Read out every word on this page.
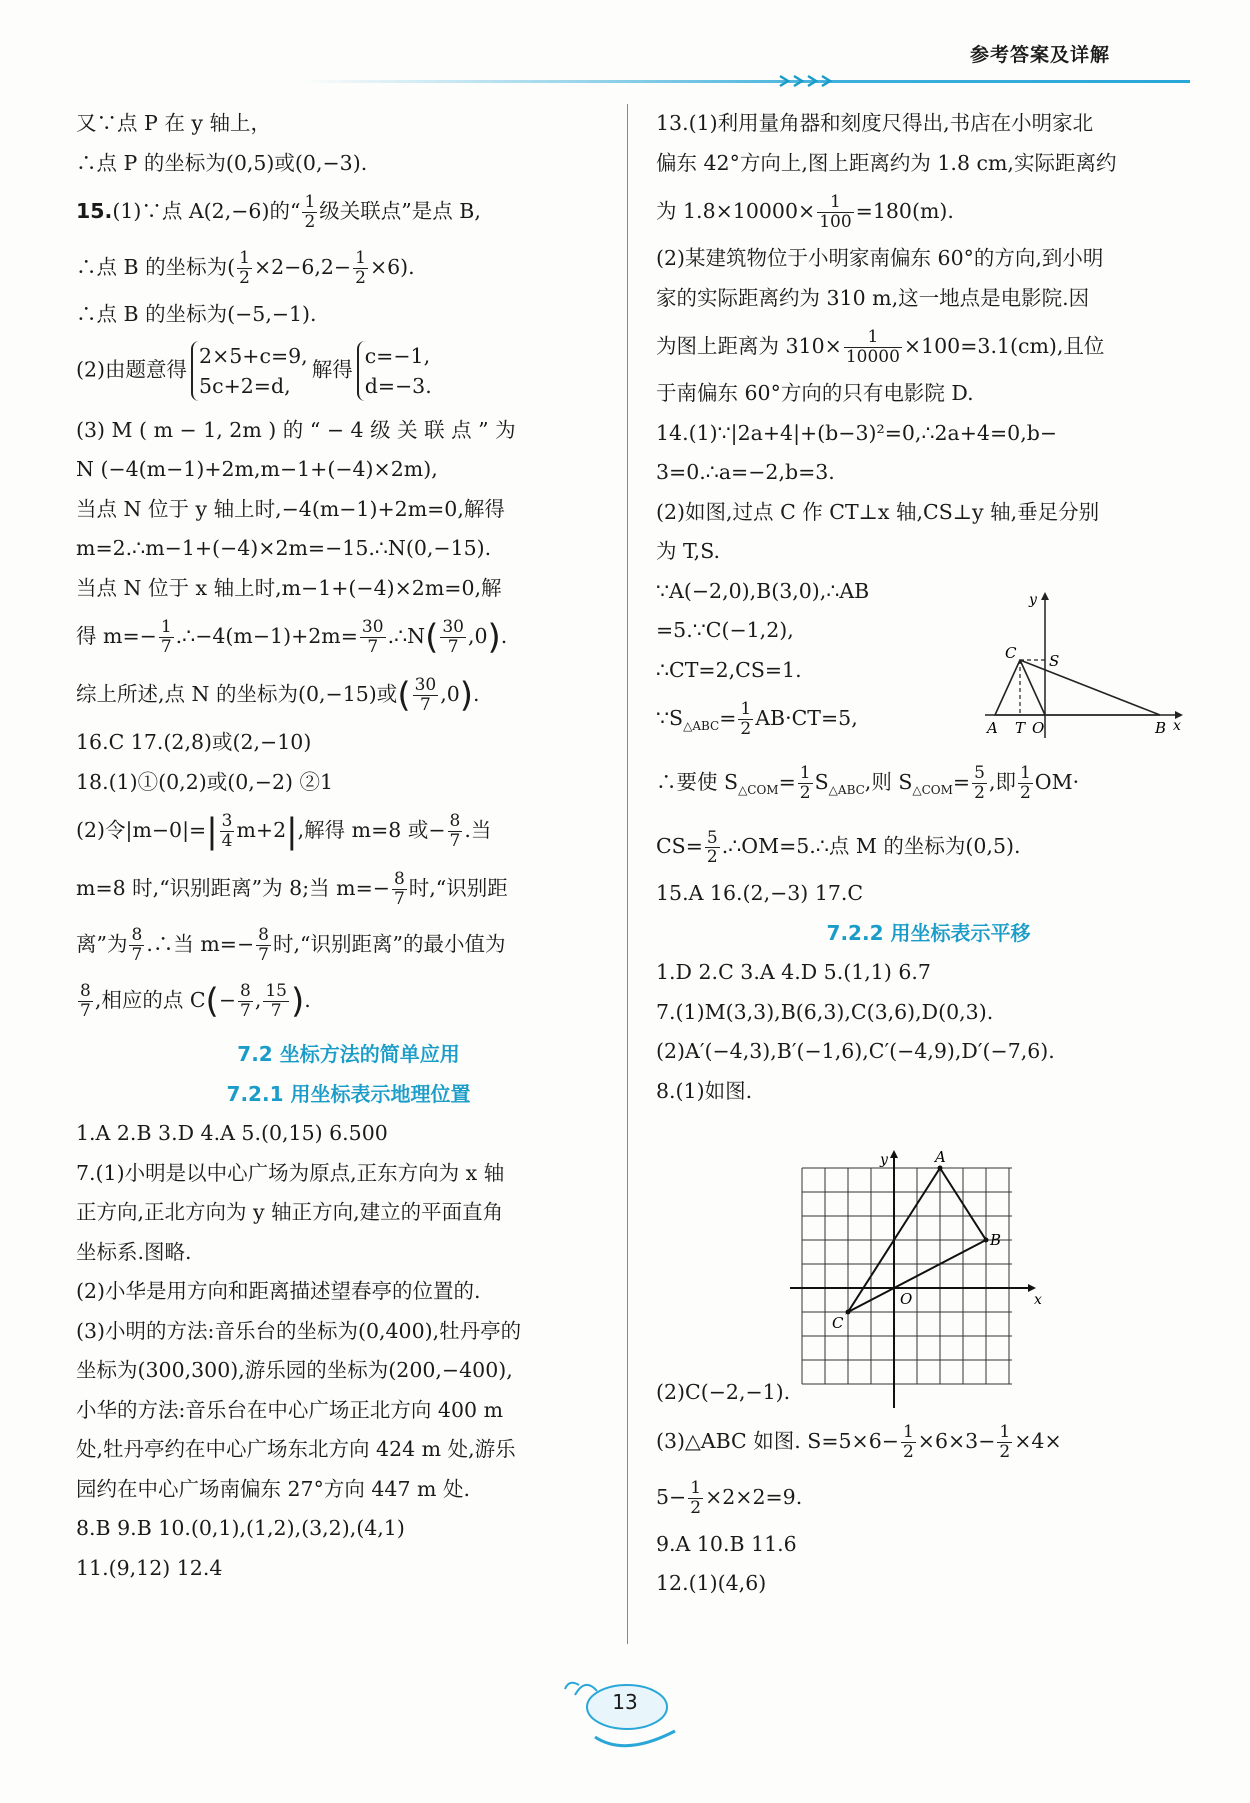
参考答案及详解
又∵点 P 在 y 轴上，
∴点 P 的坐标为(0,5)或(0,−3).
15.(1)∵点 A(2,−6)的“ $\frac{1}{2}$ 级关联点”是点 B,
∴点 B 的坐标为( $\frac{1}{2} \times 2-6,2- \frac{1}{2} \times 6$).
∴点 B 的坐标为(−5,−1).
(2)由题意得
2×5+c=9,
5c+2=d,
解得
c=−1,
d=−3.
(3) M ( m − 1, 2m ) 的 “ − 4 级 关 联 点 ” 为
N (−4(m−1)+2m,m−1+(−4)×2m),
当点 N 位于 y 轴上时,−4(m−1)+2m=0,解得
m=2.∴m−1+(−4)×2m=−15.∴N(0,−15).
当点 N 位于 x 轴上时,m−1+(−4)×2m=0,解
得 $m=- \frac{1}{7}$ .∴−4(m−1)+2m= $\frac{30}{7}$ .∴N( $\frac{30}{7} ,0$).
综上所述,点 N 的坐标为(0,−15)或( $\frac{30}{7} ,0$).
16.C 17.(2,8)或(2,−10)
18.(1)①(0,2)或(0,−2) ②1
(2)令$|m-0|=| \frac{3}{4} m+2|$,解得 m=8 或− $\frac{8}{7}$ .当
m=8 时,“识别距离”为 8;当 $m=- \frac{8}{7}$ 时,“识别距
离”为 $\frac{8}{7}$ .∴当 $m=- \frac{8}{7}$ 时,“识别距离”的最小值为
$\frac{8}{7}$ ,相应的点 $C(- \frac{8}{7}$ , $\frac{15}{7}$ ).
7.2 坐标方法的简单应用
7.2.1 用坐标表示地理位置
1.A 2.B 3.D 4.A 5.(0,15) 6.500
7.(1)小明是以中心广场为原点,正东方向为 x 轴
正方向,正北方向为 y 轴正方向,建立的平面直角
坐标系.图略.
(2)小华是用方向和距离描述望春亭的位置的.
(3)小明的方法:音乐台的坐标为(0,400),牡丹亭的
坐标为(300,300),游乐园的坐标为(200,−400),
小华的方法:音乐台在中心广场正北方向 400 m
处,牡丹亭约在中心广场东北方向 424 m 处,游乐
园约在中心广场南偏东 27°方向 447 m 处.
8.B 9.B 10.(0,1),(1,2),(3,2),(4,1)
11.(9,12) 12.4
13.(1)利用量角器和刻度尺得出,书店在小明家北
偏东 42°方向上,图上距离约为 1.8 cm,实际距离约
为 $1.8\times 10000\times \frac{1}{100} =180(m)$.
(2)某建筑物位于小明家南偏东 60°的方向,到小明
家的实际距离约为 310 m,这一地点是电影院.因
为图上距离为 $310\times \frac{1}{10000} \times 100=3.1(cm)$,且位
于南偏东 60°方向的只有电影院 D.
14.(1)∵|2a+4|+(b−3)²=0,∴2a+4=0,b−
3=0.∴a=−2,b=3.
(2)如图,过点 C 作 CT⊥x 轴,CS⊥y 轴,垂足分别
为 T,S.
∵A(−2,0),B(3,0),∴AB
=5.∵C(−1,2),
∴CT=2,CS=1.
$\because S_{\triangle ABC}= \frac{1}{2} AB\cdot CT=5$,
∴要使 $S_{\triangle COM}= \frac{1}{2} S_{\triangle ABC}$,则 $S_{\triangle COM}= \frac{5}{2}$ ,即 $\frac{1}{2} OM\cdot$
$CS= \frac{5}{2}$ .∴OM=5.∴点 M 的坐标为(0,5).
15.A 16.(2,−3) 17.C
7.2.2 用坐标表示平移
1.D 2.C 3.A 4.D 5.(1,1) 6.7
7.(1)M(3,3),B(6,3),C(3,6),D(0,3).
(2)A′(−4,3),B′(−1,6),C′(−4,9),D′(−7,6).
8.(1)如图.
(2)C(−2,−1).
(3)△ABC 如图. $S=5\times 6- \frac{1}{2} \times 6\times 3- \frac{1}{2} \times 4\times$
$5- \frac{1}{2} \times 2\times 2=9$.
9.A 10.B 11.6
12.(1)(4,6)
y
x
C S
A T O	B
y
x
A
B
C
O
13
